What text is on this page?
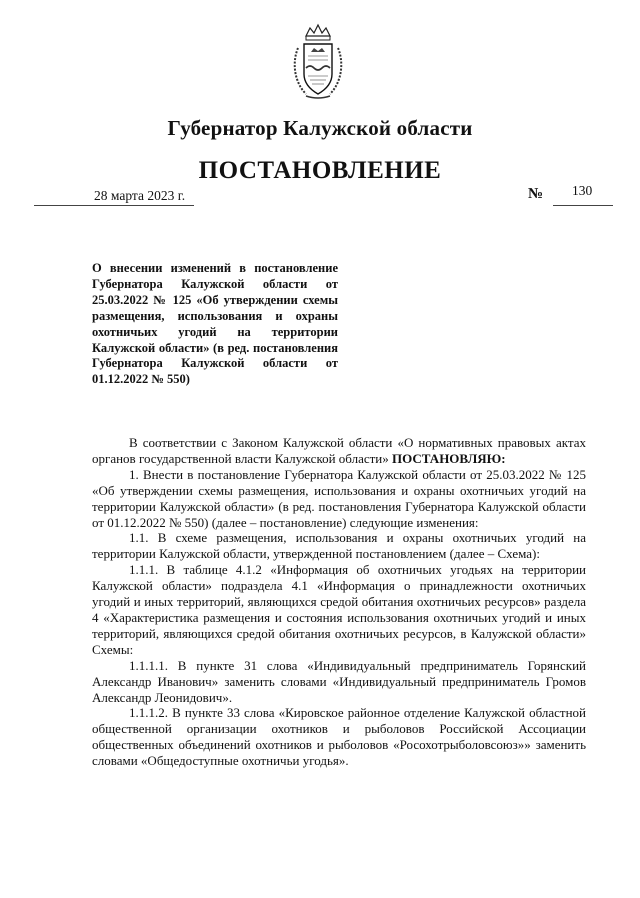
Губернатор Калужской области
ПОСТАНОВЛЕНИЕ
28 марта 2023 г.	№ 130
О внесении изменений в постановление Губернатора Калужской области от 25.03.2022 № 125 «Об утверждении схемы размещения, использования и охраны охотничьих угодий на территории Калужской области» (в ред. постановления Губернатора Калужской области от 01.12.2022 № 550)

В соответствии с Законом Калужской области «О нормативных правовых актах органов государственной власти Калужской области» ПОСТАНОВЛЯЮ:

1. Внести в постановление Губернатора Калужской области от 25.03.2022 № 125 «Об утверждении схемы размещения, использования и охраны охотничьих угодий на территории Калужской области» (в ред. постановления Губернатора Калужской области от 01.12.2022 № 550) (далее – постановление) следующие изменения:

1.1. В схеме размещения, использования и охраны охотничьих угодий на территории Калужской области, утвержденной постановлением (далее – Схема):

1.1.1. В таблице 4.1.2 «Информация об охотничьих угодьях на территории Калужской области» подраздела 4.1 «Информация о принадлежности охотничьих угодий и иных территорий, являющихся средой обитания охотничьих ресурсов» раздела 4 «Характеристика размещения и состояния использования охотничьих угодий и иных территорий, являющихся средой обитания охотничьих ресурсов, в Калужской области» Схемы:

1.1.1.1. В пункте 31 слова «Индивидуальный предприниматель Горянский Александр Иванович» заменить словами «Индивидуальный предприниматель Громов Александр Леонидович».

1.1.1.2. В пункте 33 слова «Кировское районное отделение Калужской областной общественной организации охотников и рыболовов Российской Ассоциации общественных объединений охотников и рыболовов «Росохотрыболовсоюз»» заменить словами «Общедоступные охотничьи угодья».
